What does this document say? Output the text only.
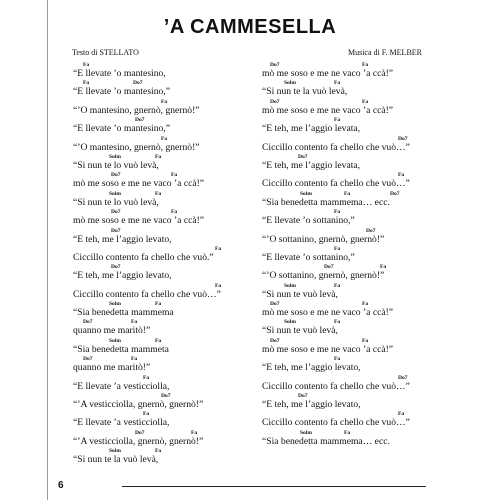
’A CAMMESELLA
Testo di STELLATO	Musica di F. MELBER
Fa
“E llevate ’o mantesino,
Fa	Do7
“E llevate ’o mantesino,”
Fa
“’O mantesino, gnernò, gnernò!”
Do7
“E llevate ’o mantesino,”
Fa
“’O mantesino, gnernò, gnernò!”
Solm	Fa
“Si nun te lo vuò levà,
Do7	Fa
mò me soso e me ne vaco ’a ccà!”
Solm	Fa
“Si nun te lo vuò levà,
Do7	Fa
mò me soso e me ne vaco ’a ccà!”
Do7
“E teh, me l’aggio levato,
Fa
Ciccillo contento fa chello che vuò.”
Do7
“E teh, me l’aggio levato,
Fa
Ciccillo contento fa chello che vuò…”
Solm	Fa
“Sia benedetta mammema
Do7	Fa
quanno me maritò!”
Solm	Fa
“Sia benedetta mammeta
Do7	Fa
quanno me maritò!”
Fa
“E llevate ’a vesticciolla,
Do7
“’A vesticciolla, gnernò, gnernò!”
Fa
“E llevate ’a vesticciolla,
Do7	Fa
“’A vesticciolla, gnernò, gnernò!”
Solm	Fa
“Si nun te la vuò levà,
Do7	Fa
mò me soso e me ne vaco ’a ccà!”
Solm	Fa
“Si nun te la vuò levà,
Do7	Fa
mò me soso e me ne vaco ’a ccà!”
Fa
“E teh, me l’aggio levata,
Do7
Ciccillo contento fa chello che vuò…”
Do7
“E teh, me l’aggio levata,
Fa
Ciccillo contento fa chello che vuò…”
Solm	Fa	Do7
“Sia benedetta mammema… ecc.
Fa
“E llevate ’o sottanino,”
Do7
“’O sottanino, gnernò, gnernò!”
Fa
“E llevate ’o sottanino,”
Do7	Fa
“’O sottanino, gnernò, gnernò!”
Solm	Fa
“Si nun te vuò levà,
Do7	Fa
mò me soso e me ne vaco ’a ccà!”
Solm	Fa
“Si nun te vuò levà,
Do7	Fa
mò me soso e me ne vaco ’a ccà!”
Fa
“E teh, me l’aggio levato,
Do7
Ciccillo contento fa chello che vuò…”
Do7
“E teh, me l’aggio levato,
Fa
Ciccillo contento fa chello che vuò…”
Solm	Fa
“Sia benedetta mammema… ecc.
6
